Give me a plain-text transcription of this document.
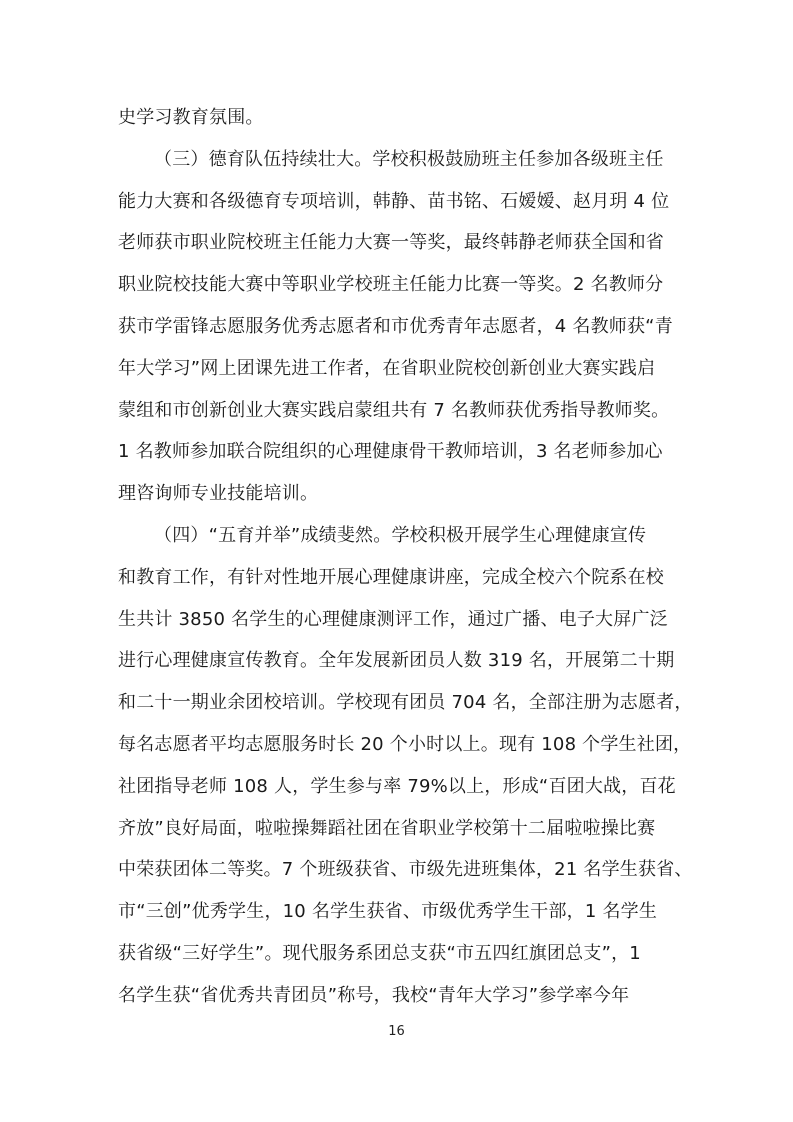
史学习教育氛围。
（三）德育队伍持续壮大。学校积极鼓励班主任参加各级班主任
能力大赛和各级德育专项培训，韩静、苗书铭、石嫒嫒、赵月玥 4 位
老师获市职业院校班主任能力大赛一等奖，最终韩静老师获全国和省
职业院校技能大赛中等职业学校班主任能力比赛一等奖。2 名教师分
获市学雷锋志愿服务优秀志愿者和市优秀青年志愿者，4 名教师获“青
年大学习”网上团课先进工作者，在省职业院校创新创业大赛实践启
蒙组和市创新创业大赛实践启蒙组共有 7 名教师获优秀指导教师奖。
1 名教师参加联合院组织的心理健康骨干教师培训，3 名老师参加心
理咨询师专业技能培训。
（四）“五育并举”成绩斐然。学校积极开展学生心理健康宣传
和教育工作，有针对性地开展心理健康讲座，完成全校六个院系在校
生共计 3850 名学生的心理健康测评工作，通过广播、电子大屏广泛
进行心理健康宣传教育。全年发展新团员人数 319 名，开展第二十期
和二十一期业余团校培训。学校现有团员 704 名，全部注册为志愿者，
每名志愿者平均志愿服务时长 20 个小时以上。现有 108 个学生社团，
社团指导老师 108 人，学生参与率 79%以上，形成“百团大战，百花
齐放”良好局面，啦啦操舞蹈社团在省职业学校第十二届啦啦操比赛
中荣获团体二等奖。7 个班级获省、市级先进班集体，21 名学生获省、
市“三创”优秀学生，10 名学生获省、市级优秀学生干部，1 名学生
获省级“三好学生”。现代服务系团总支获“市五四红旗团总支”，1
名学生获“省优秀共青团员”称号，我校“青年大学习”参学率今年
16
